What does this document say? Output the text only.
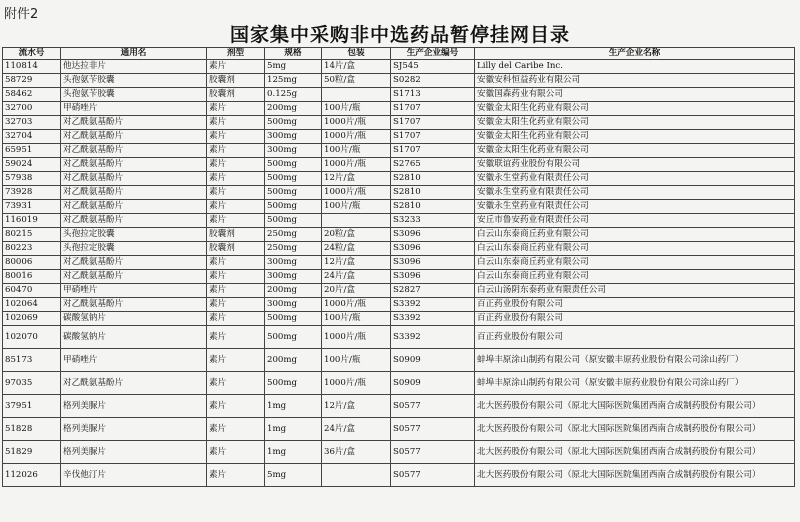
附件2
国家集中采购非中选药品暂停挂网目录
流水号	通用名	剂型	规格	包装	生产企业编号	生产企业名称
110814	他达拉非片	素片	5mg	14片/盒	SJ545	Lilly del Caribe Inc.
58729	头孢氨苄胶囊	胶囊剂	125mg	50粒/盒	S0282	安徽安科恒益药业有限公司
58462	头孢氨苄胶囊	胶囊剂	0.125g		S1713	安徽国森药业有限公司
32700	甲硝唑片	素片	200mg	100片/瓶	S1707	安徽金太阳生化药业有限公司
32703	对乙酰氨基酚片	素片	500mg	1000片/瓶	S1707	安徽金太阳生化药业有限公司
32704	对乙酰氨基酚片	素片	300mg	1000片/瓶	S1707	安徽金太阳生化药业有限公司
65951	对乙酰氨基酚片	素片	300mg	100片/瓶	S1707	安徽金太阳生化药业有限公司
59024	对乙酰氨基酚片	素片	500mg	1000片/瓶	S2765	安徽联谊药业股份有限公司
57938	对乙酰氨基酚片	素片	500mg	12片/盒	S2810	安徽永生堂药业有限责任公司
73928	对乙酰氨基酚片	素片	500mg	1000片/瓶	S2810	安徽永生堂药业有限责任公司
73931	对乙酰氨基酚片	素片	500mg	100片/瓶	S2810	安徽永生堂药业有限责任公司
116019	对乙酰氨基酚片	素片	500mg		S3233	安丘市鲁安药业有限责任公司
80215	头孢拉定胶囊	胶囊剂	250mg	20粒/盒	S3096	白云山东泰商丘药业有限公司
80223	头孢拉定胶囊	胶囊剂	250mg	24粒/盒	S3096	白云山东泰商丘药业有限公司
80006	对乙酰氨基酚片	素片	300mg	12片/盒	S3096	白云山东泰商丘药业有限公司
80016	对乙酰氨基酚片	素片	300mg	24片/盒	S3096	白云山东泰商丘药业有限公司
60470	甲硝唑片	素片	200mg	20片/盒	S2827	白云山汤阴东泰药业有限责任公司
102064	对乙酰氨基酚片	素片	300mg	1000片/瓶	S3392	百正药业股份有限公司
102069	碳酸氢钠片	素片	500mg	100片/瓶	S3392	百正药业股份有限公司
102070	碳酸氢钠片	素片	500mg	1000片/瓶	S3392	百正药业股份有限公司
85173	甲硝唑片	素片	200mg	100片/瓶	S0909	蚌埠丰原涂山制药有限公司（原安徽丰原药业股份有限公司涂山药厂）
97035	对乙酰氨基酚片	素片	500mg	1000片/瓶	S0909	蚌埠丰原涂山制药有限公司（原安徽丰原药业股份有限公司涂山药厂）
37951	格列美脲片	素片	1mg	12片/盒	S0577	北大医药股份有限公司（原北大国际医院集团西南合成制药股份有限公司）
51828	格列美脲片	素片	1mg	24片/盒	S0577	北大医药股份有限公司（原北大国际医院集团西南合成制药股份有限公司）
51829	格列美脲片	素片	1mg	36片/盒	S0577	北大医药股份有限公司（原北大国际医院集团西南合成制药股份有限公司）
112026	辛伐他汀片	素片	5mg		S0577	北大医药股份有限公司（原北大国际医院集团西南合成制药股份有限公司）
